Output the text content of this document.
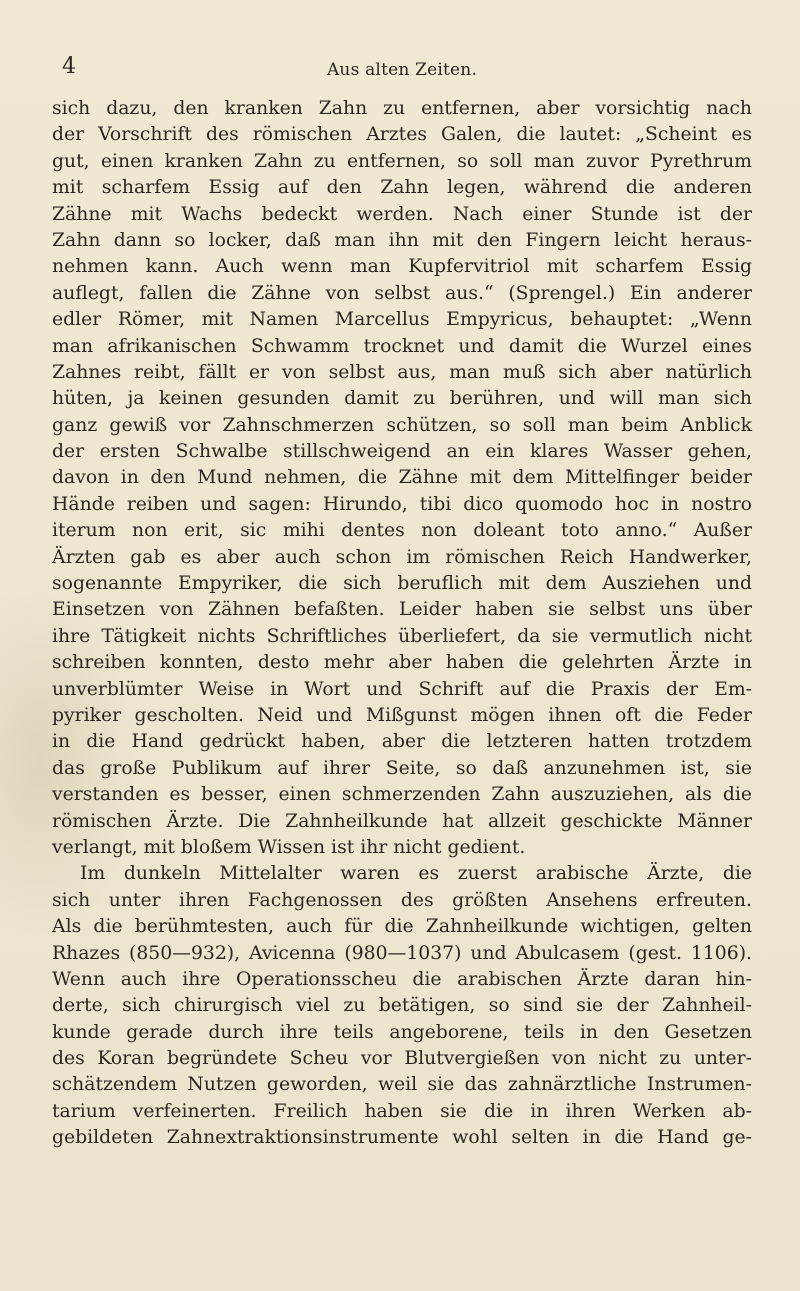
4	Aus alten Zeiten.
sich dazu, den kranken Zahn zu entfernen, aber vorsichtig nach
der Vorschrift des römischen Arztes Galen, die lautet: „Scheint es
gut, einen kranken Zahn zu entfernen, so soll man zuvor Pyrethrum
mit scharfem Essig auf den Zahn legen, während die anderen
Zähne mit Wachs bedeckt werden. Nach einer Stunde ist der
Zahn dann so locker, daß man ihn mit den Fingern leicht heraus-
nehmen kann. Auch wenn man Kupfervitriol mit scharfem Essig
auflegt, fallen die Zähne von selbst aus.“ (Sprengel.) Ein anderer
edler Römer, mit Namen Marcellus Empyricus, behauptet: „Wenn
man afrikanischen Schwamm trocknet und damit die Wurzel eines
Zahnes reibt, fällt er von selbst aus, man muß sich aber natürlich
hüten, ja keinen gesunden damit zu berühren, und will man sich
ganz gewiß vor Zahnschmerzen schützen, so soll man beim Anblick
der ersten Schwalbe stillschweigend an ein klares Wasser gehen,
davon in den Mund nehmen, die Zähne mit dem Mittelfinger beider
Hände reiben und sagen: Hirundo, tibi dico quomodo hoc in nostro
iterum non erit, sic mihi dentes non doleant toto anno.“ Außer
Ärzten gab es aber auch schon im römischen Reich Handwerker,
sogenannte Empyriker, die sich beruflich mit dem Ausziehen und
Einsetzen von Zähnen befaßten. Leider haben sie selbst uns über
ihre Tätigkeit nichts Schriftliches überliefert, da sie vermutlich nicht
schreiben konnten, desto mehr aber haben die gelehrten Ärzte in
unverblümter Weise in Wort und Schrift auf die Praxis der Em-
pyriker gescholten. Neid und Mißgunst mögen ihnen oft die Feder
in die Hand gedrückt haben, aber die letzteren hatten trotzdem
das große Publikum auf ihrer Seite, so daß anzunehmen ist, sie
verstanden es besser, einen schmerzenden Zahn auszuziehen, als die
römischen Ärzte. Die Zahnheilkunde hat allzeit geschickte Männer
verlangt, mit bloßem Wissen ist ihr nicht gedient.
Im dunkeln Mittelalter waren es zuerst arabische Ärzte, die
sich unter ihren Fachgenossen des größten Ansehens erfreuten.
Als die berühmtesten, auch für die Zahnheilkunde wichtigen, gelten
Rhazes (850—932), Avicenna (980—1037) und Abulcasem (gest. 1106).
Wenn auch ihre Operationsscheu die arabischen Ärzte daran hin-
derte, sich chirurgisch viel zu betätigen, so sind sie der Zahnheil-
kunde gerade durch ihre teils angeborene, teils in den Gesetzen
des Koran begründete Scheu vor Blutvergießen von nicht zu unter-
schätzendem Nutzen geworden, weil sie das zahnärztliche Instrumen-
tarium verfeinerten. Freilich haben sie die in ihren Werken ab-
gebildeten Zahnextraktionsinstrumente wohl selten in die Hand ge-
